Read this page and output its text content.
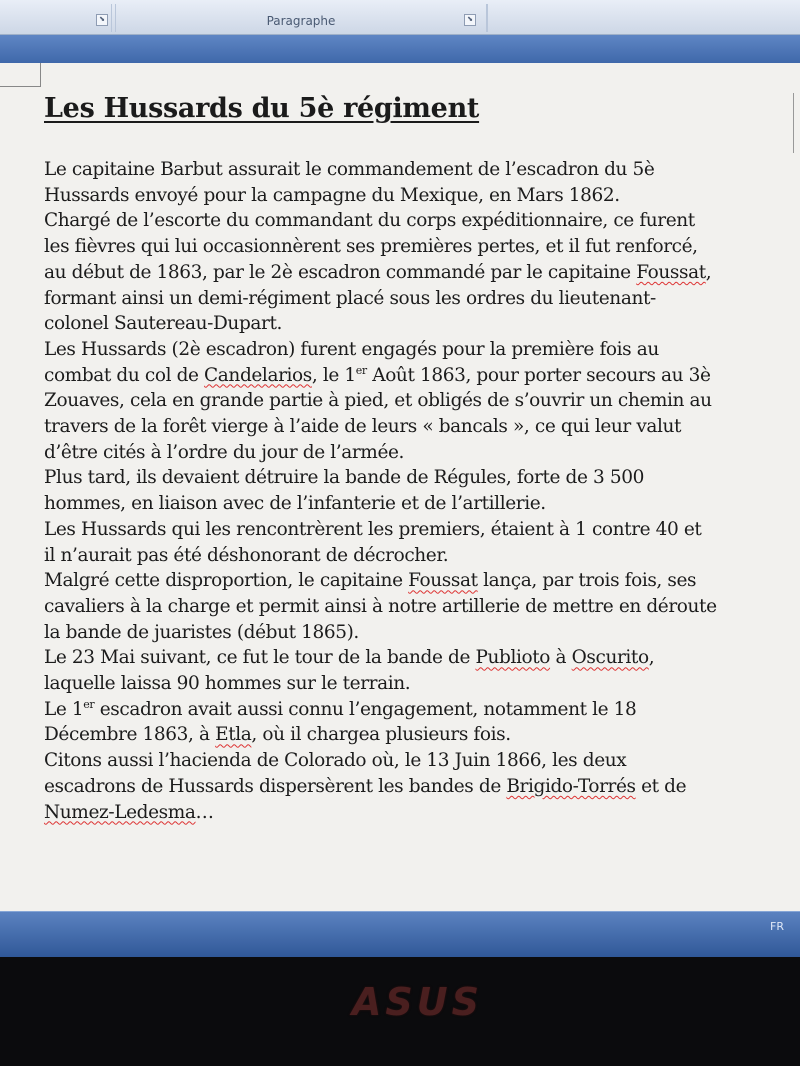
⬊	Paragraphe	⬊
Les Hussards du 5è régiment
Le capitaine Barbut assurait le commandement de l’escadron du 5è
Hussards envoyé pour la campagne du Mexique, en Mars 1862.
Chargé de l’escorte du commandant du corps expéditionnaire, ce furent
les fièvres qui lui occasionnèrent ses premières pertes, et il fut renforcé,
au début de 1863, par le 2è escadron commandé par le capitaine Foussat,
formant ainsi un demi-régiment placé sous les ordres du lieutenant-
colonel Sautereau-Dupart.
Les Hussards (2è escadron) furent engagés pour la première fois au
combat du col de Candelarios, le 1er Août 1863, pour porter secours au 3è
Zouaves, cela en grande partie à pied, et obligés de s’ouvrir un chemin au
travers de la forêt vierge à l’aide de leurs « bancals », ce qui leur valut
d’être cités à l’ordre du jour de l’armée.
Plus tard, ils devaient détruire la bande de Régules, forte de 3 500
hommes, en liaison avec de l’infanterie et de l’artillerie.
Les Hussards qui les rencontrèrent les premiers, étaient à 1 contre 40 et
il n’aurait pas été déshonorant de décrocher.
Malgré cette disproportion, le capitaine Foussat lança, par trois fois, ses
cavaliers à la charge et permit ainsi à notre artillerie de mettre en déroute
la bande de juaristes (début 1865).
Le 23 Mai suivant, ce fut le tour de la bande de Publioto à Oscurito,
laquelle laissa 90 hommes sur le terrain.
Le 1er escadron avait aussi connu l’engagement, notamment le 18
Décembre 1863, à Etla, où il chargea plusieurs fois.
Citons aussi l’hacienda de Colorado où, le 13 Juin 1866, les deux
escadrons de Hussards dispersèrent les bandes de Brigido-Torrés et de
Numez-Ledesma…
FR
ASUS
